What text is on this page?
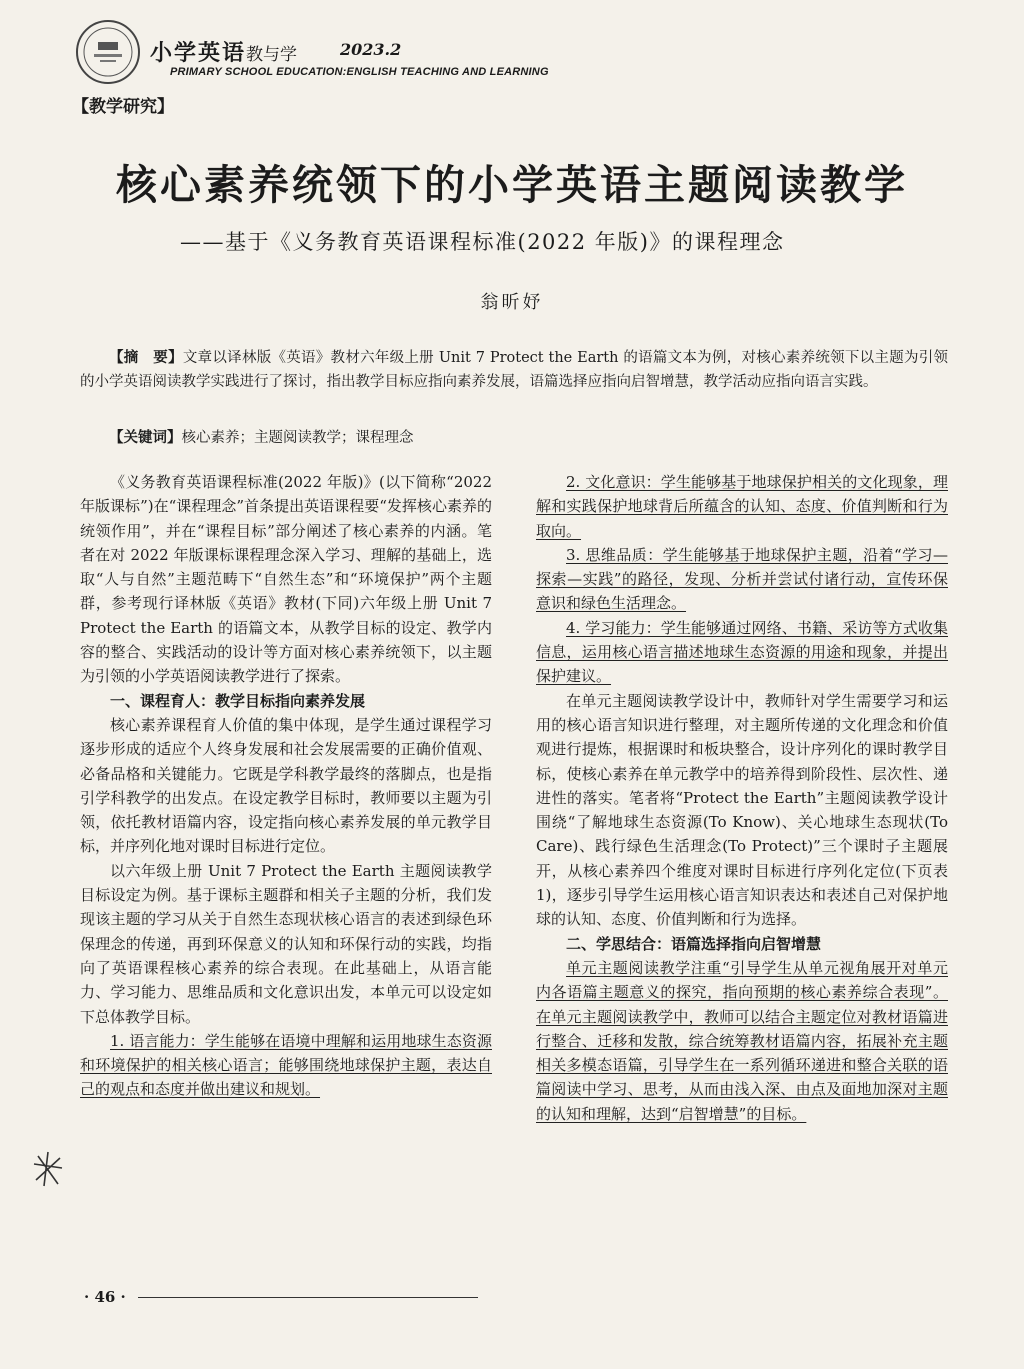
小学英语教与学	2023.2
PRIMARY SCHOOL EDUCATION:ENGLISH TEACHING AND LEARNING
【教学研究】
核心素养统领下的小学英语主题阅读教学
——基于《义务教育英语课程标准(2022 年版)》的课程理念
翁昕妤
【摘　要】文章以译林版《英语》教材六年级上册 Unit 7 Protect the Earth 的语篇文本为例，对核心素养统领下以主题为引领的小学英语阅读教学实践进行了探讨，指出教学目标应指向素养发展，语篇选择应指向启智增慧，教学活动应指向语言实践。
【关键词】核心素养；主题阅读教学；课程理念

《义务教育英语课程标准(2022 年版)》(以下简称“2022 年版课标”)在“课程理念”首条提出英语课程要“发挥核心素养的统领作用”，并在“课程目标”部分阐述了核心素养的内涵。笔者在对 2022 年版课标课程理念深入学习、理解的基础上，选取“人与自然”主题范畴下“自然生态”和“环境保护”两个主题群，参考现行译林版《英语》教材(下同)六年级上册 Unit 7 Protect the Earth 的语篇文本，从教学目标的设定、教学内容的整合、实践活动的设计等方面对核心素养统领下，以主题为引领的小学英语阅读教学进行了探索。

一、课程育人：教学目标指向素养发展

核心素养课程育人价值的集中体现，是学生通过课程学习逐步形成的适应个人终身发展和社会发展需要的正确价值观、必备品格和关键能力。它既是学科教学最终的落脚点，也是指引学科教学的出发点。在设定教学目标时，教师要以主题为引领，依托教材语篇内容，设定指向核心素养发展的单元教学目标，并序列化地对课时目标进行定位。

以六年级上册 Unit 7 Protect the Earth 主题阅读教学目标设定为例。基于课标主题群和相关子主题的分析，我们发现该主题的学习从关于自然生态现状核心语言的表述到绿色环保理念的传递，再到环保意义的认知和环保行动的实践，均指向了英语课程核心素养的综合表现。在此基础上，从语言能力、学习能力、思维品质和文化意识出发，本单元可以设定如下总体教学目标。

1. 语言能力：学生能够在语境中理解和运用地球生态资源和环境保护的相关核心语言；能够围绕地球保护主题，表达自己的观点和态度并做出建议和规划。

2. 文化意识：学生能够基于地球保护相关的文化现象，理解和实践保护地球背后所蕴含的认知、态度、价值判断和行为取向。

3. 思维品质：学生能够基于地球保护主题，沿着“学习—探索—实践”的路径，发现、分析并尝试付诸行动，宣传环保意识和绿色生活理念。

4. 学习能力：学生能够通过网络、书籍、采访等方式收集信息，运用核心语言描述地球生态资源的用途和现象，并提出保护建议。

在单元主题阅读教学设计中，教师针对学生需要学习和运用的核心语言知识进行整理，对主题所传递的文化理念和价值观进行提炼，根据课时和板块整合，设计序列化的课时教学目标，使核心素养在单元教学中的培养得到阶段性、层次性、递进性的落实。笔者将“Protect the Earth”主题阅读教学设计围绕“了解地球生态资源(To Know)、关心地球生态现状(To Care)、践行绿色生活理念(To Protect)”三个课时子主题展开，从核心素养四个维度对课时目标进行序列化定位(下页表 1)，逐步引导学生运用核心语言知识表达和表述自己对保护地球的认知、态度、价值判断和行为选择。

二、学思结合：语篇选择指向启智增慧

单元主题阅读教学注重“引导学生从单元视角展开对单元内各语篇主题意义的探究，指向预期的核心素养综合表现”。在单元主题阅读教学中，教师可以结合主题定位对教材语篇进行整合、迁移和发散，综合统筹教材语篇内容，拓展补充主题相关多模态语篇，引导学生在一系列循环递进和整合关联的语篇阅读中学习、思考，从而由浅入深、由点及面地加深对主题的认知和理解，达到“启智增慧”的目标。

· 46 ·
